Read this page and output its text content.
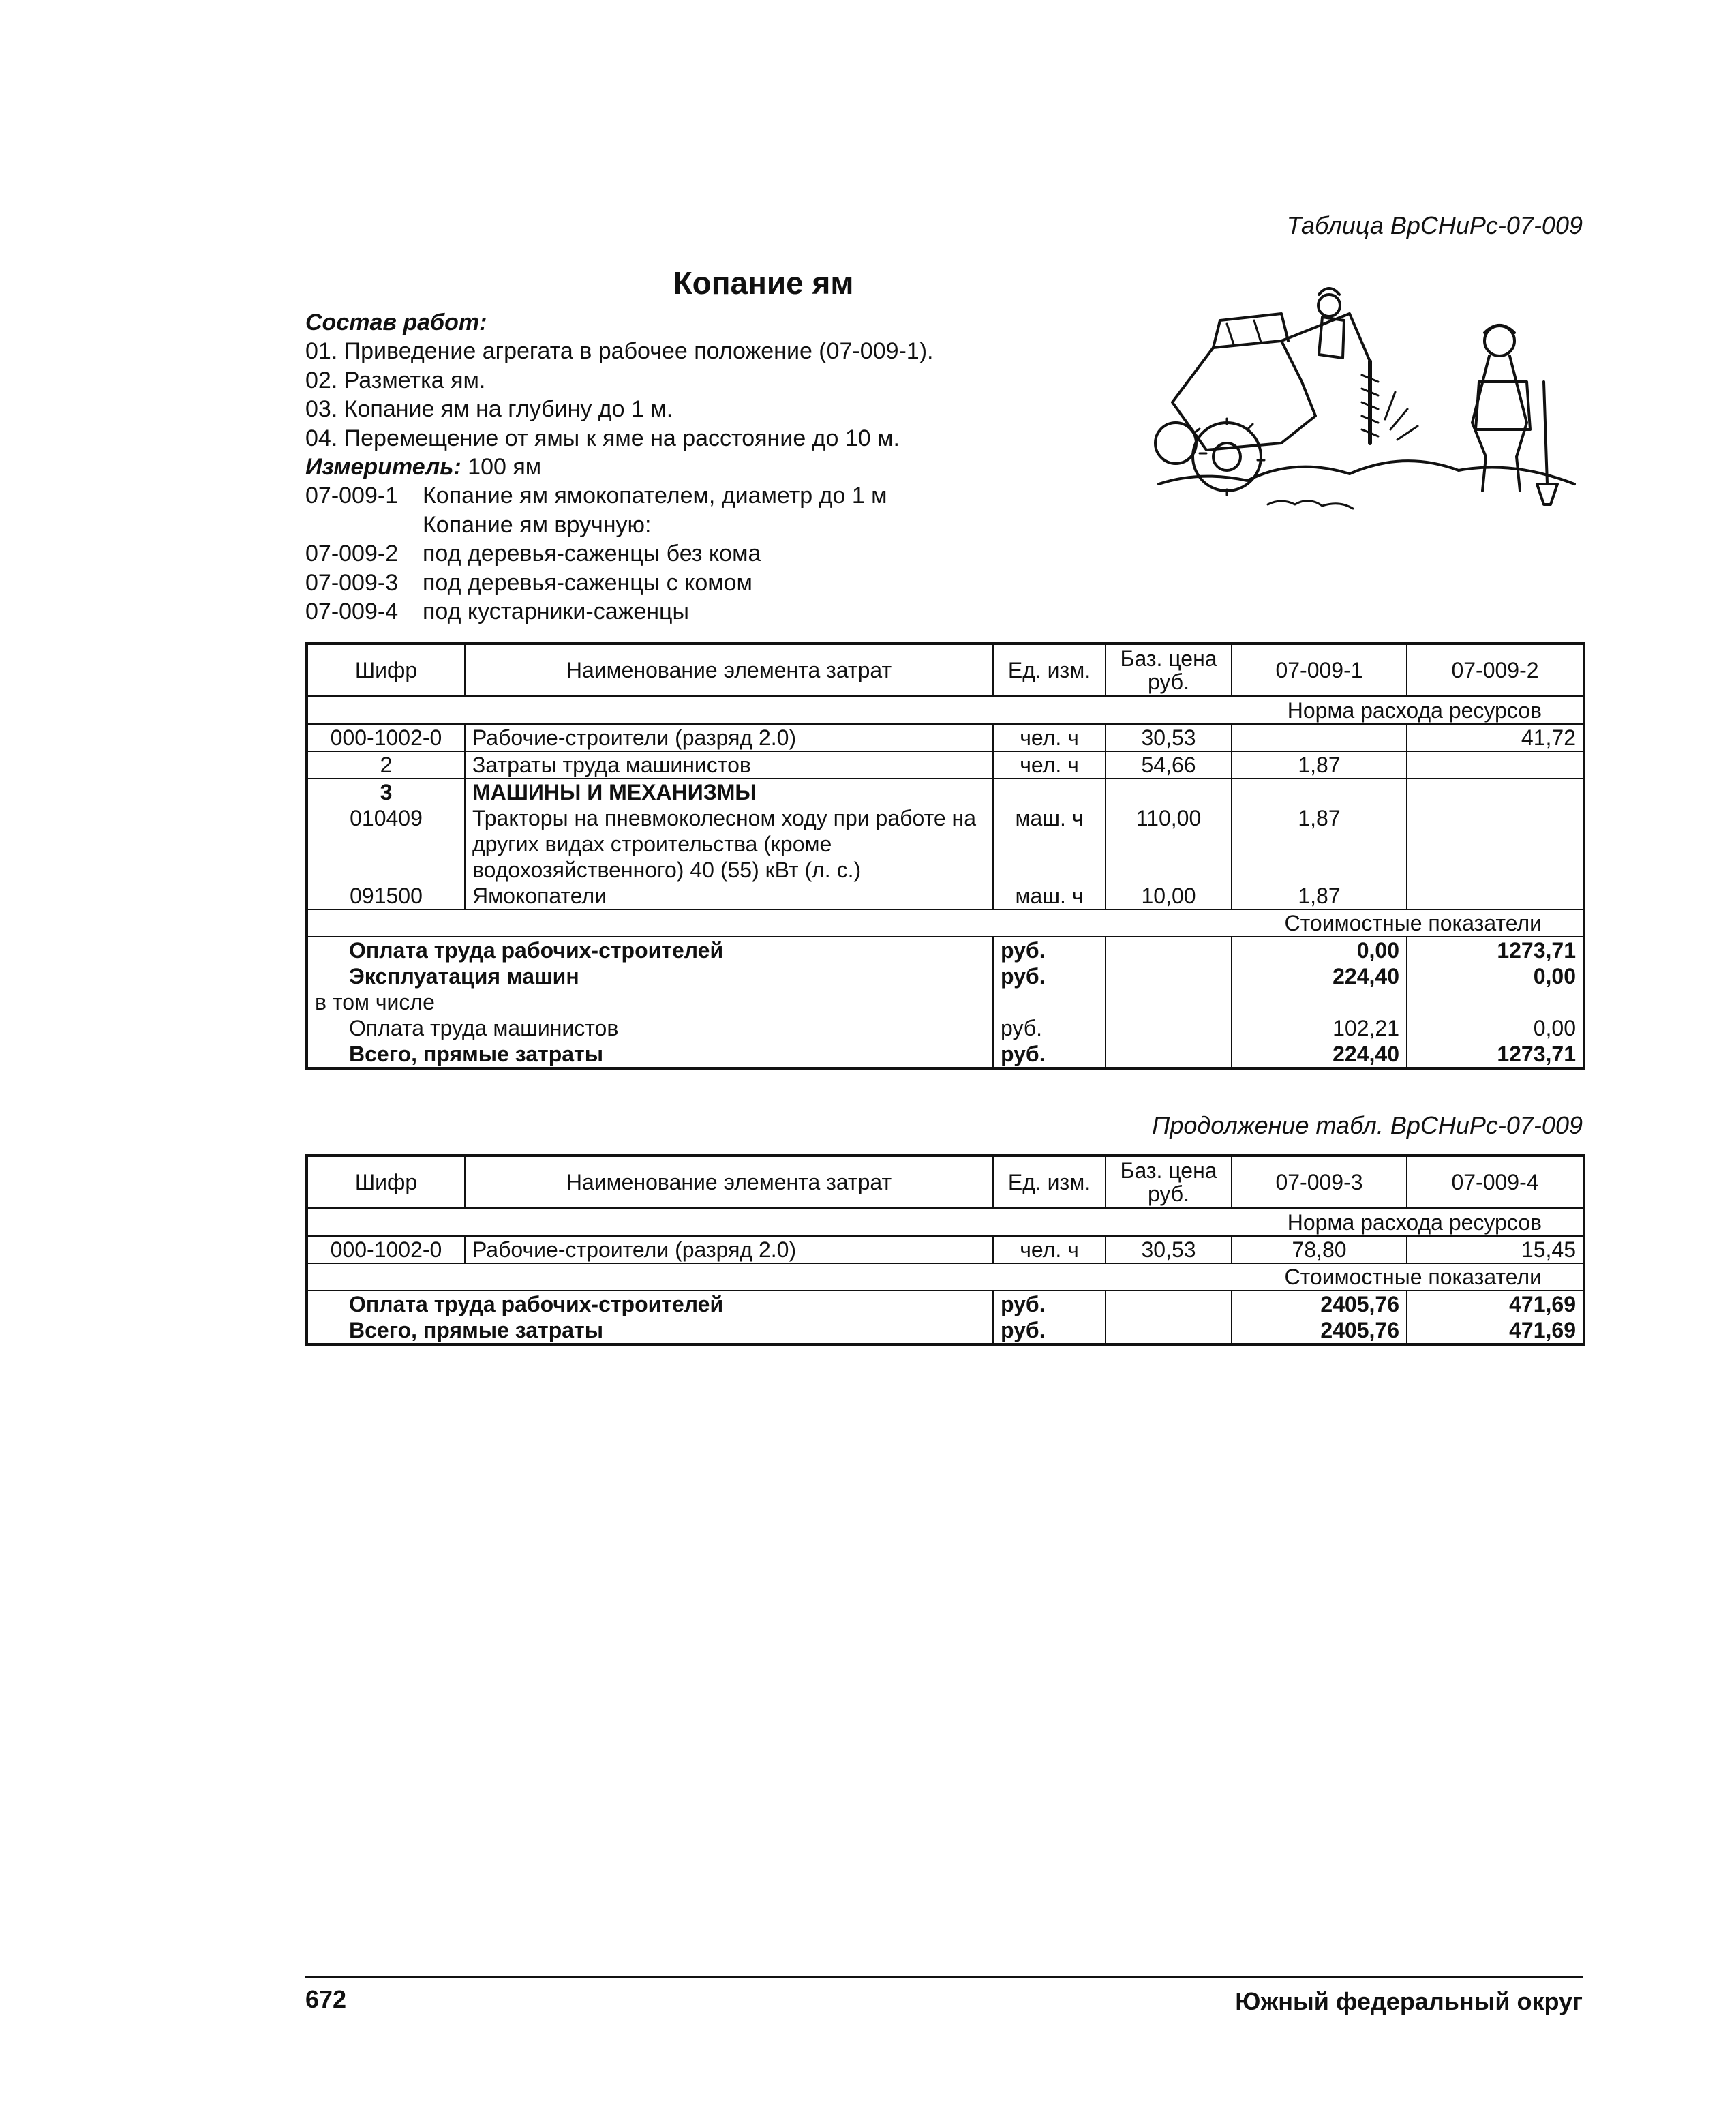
Таблица ВрСНиРс-07-009
Копание ям
Состав работ:
01. Приведение агрегата в рабочее положение (07-009-1).
02. Разметка ям.
03. Копание ям на глубину до 1 м.
04. Перемещение от ямы к яме на расстояние до 10 м.
Измеритель: 100 ям
07-009-1 Копание ям ямокопателем, диаметр до 1 м
Копание ям вручную:
07-009-2 под деревья-саженцы без кома
07-009-3 под деревья-саженцы с комом
07-009-4 под кустарники-саженцы
Шифр	Наименование элемента затрат	Ед. изм.	Баз. цена руб.	07-009-1	07-009-2
Норма расхода ресурсов					
000-1002-0	Рабочие-строители (разряд 2.0)	чел. ч	30,53		41,72
2	Затраты труда машинистов	чел. ч	54,66	1,87	
3	МАШИНЫ И МЕХАНИЗМЫ				
010409	Тракторы на пневмоколесном ходу при работе на других видах строительства (кроме водохозяйственного) 40 (55) кВт (л. с.)	маш. ч	110,00	1,87	
091500	Ямокопатели	маш. ч	10,00	1,87	
Стоимостные показатели					
Оплата труда рабочих-строителей		руб.		0,00	1273,71
Эксплуатация машин		руб.		224,40	0,00
в том числе					
Оплата труда машинистов		руб.		102,21	0,00
Всего, прямые затраты		руб.		224,40	1273,71
Продолжение табл. ВрСНиРс-07-009
Шифр	Наименование элемента затрат	Ед. изм.	Баз. цена руб.	07-009-3	07-009-4
Норма расхода ресурсов					
000-1002-0	Рабочие-строители (разряд 2.0)	чел. ч	30,53	78,80	15,45
Стоимостные показатели					
Оплата труда рабочих-строителей		руб.		2405,76	471,69
Всего, прямые затраты		руб.		2405,76	471,69
672	Южный федеральный округ
